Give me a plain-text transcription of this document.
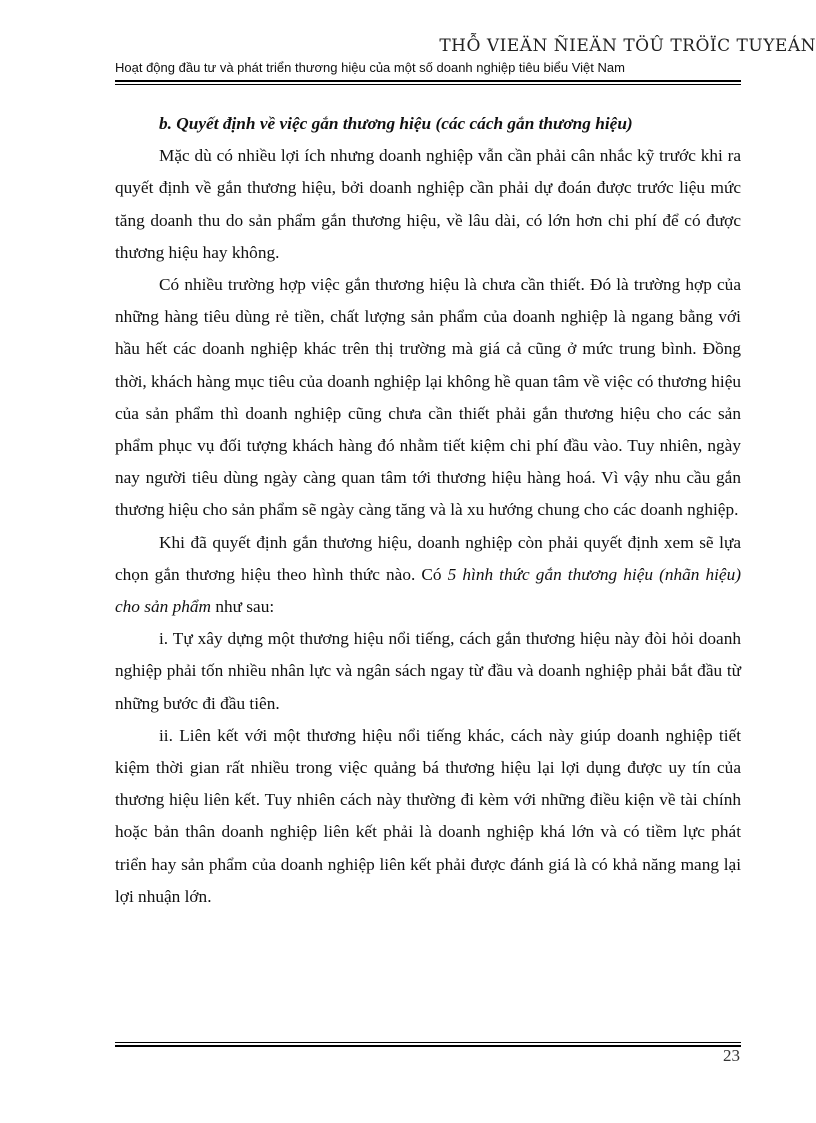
THỖ VIEÄN ÑIEÄN TÖÛ TRÖÏC TUYEÁN
Hoạt động đầu tư và phát triển thương hiệu của một số doanh nghiệp tiêu biểu Việt Nam

b. Quyết định về việc gắn thương hiệu (các cách gắn thương hiệu)

Mặc dù có nhiều lợi ích nhưng doanh nghiệp vẫn cần phải cân nhắc kỹ trước khi ra quyết định về gắn thương hiệu, bởi doanh nghiệp cần phải dự đoán được trước liệu mức tăng doanh thu do sản phẩm gắn thương hiệu, về lâu dài, có lớn hơn chi phí để có được thương hiệu hay không.

Có nhiều trường hợp việc gắn thương hiệu là chưa cần thiết. Đó là trường hợp của những hàng tiêu dùng rẻ tiền, chất lượng sản phẩm của doanh nghiệp là ngang bằng với hầu hết các doanh nghiệp khác trên thị trường mà giá cả cũng ở mức trung bình. Đồng thời, khách hàng mục tiêu của doanh nghiệp lại không hề quan tâm về việc có thương hiệu của sản phẩm thì doanh nghiệp cũng chưa cần thiết phải gắn thương hiệu cho các sản phẩm phục vụ đối tượng khách hàng đó nhằm tiết kiệm chi phí đầu vào. Tuy nhiên, ngày nay người tiêu dùng ngày càng quan tâm tới thương hiệu hàng hoá. Vì vậy nhu cầu gắn thương hiệu cho sản phẩm sẽ ngày càng tăng và là xu hướng chung cho các doanh nghiệp.

Khi đã quyết định gắn thương hiệu, doanh nghiệp còn phải quyết định xem sẽ lựa chọn gắn thương hiệu theo hình thức nào. Có 5 hình thức gắn thương hiệu (nhãn hiệu) cho sản phẩm như sau:

i. Tự xây dựng một thương hiệu nổi tiếng, cách gắn thương hiệu này đòi hỏi doanh nghiệp phải tốn nhiều nhân lực và ngân sách ngay từ đầu và doanh nghiệp phải bắt đầu từ những bước đi đầu tiên.

ii. Liên kết với một thương hiệu nổi tiếng khác, cách này giúp doanh nghiệp tiết kiệm thời gian rất nhiều trong việc quảng bá thương hiệu lại lợi dụng được uy tín của thương hiệu liên kết. Tuy nhiên cách này thường đi kèm với những điều kiện về tài chính hoặc bản thân doanh nghiệp liên kết phải là doanh nghiệp khá lớn và có tiềm lực phát triển hay sản phẩm của doanh nghiệp liên kết phải được đánh giá là có khả năng mang lại lợi nhuận lớn.

23
